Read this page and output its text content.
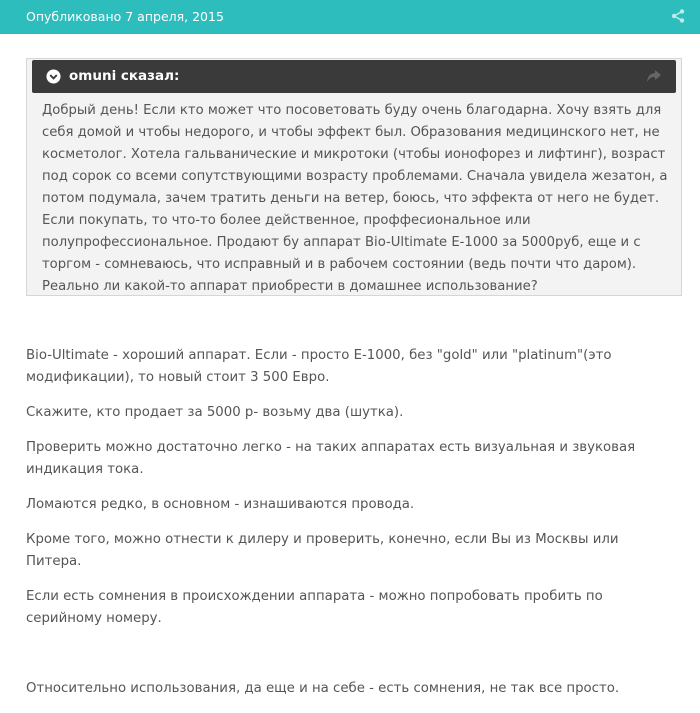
Опубликовано 7 апреля, 2015
omuni сказал:
Добрый день! Если кто может что посоветовать буду очень благодарна. Хочу взять для себя домой и чтобы недорого, и чтобы эффект был. Образования медицинского нет, не косметолог. Хотела гальванические и микротоки (чтобы ионофорез и лифтинг), возраст под сорок со всеми сопутствующими возрасту проблемами. Сначала увидела жезатон, а потом подумала, зачем тратить деньги на ветер, боюсь, что эффекта от него не будет. Если покупать, то что-то более действенное, проффесиональное или полупрофессиональное. Продают бу аппарат Bio-Ultimate E-1000 за 5000руб, еще и с торгом - сомневаюсь, что исправный и в рабочем состоянии (ведь почти что даром). Реально ли какой-то аппарат приобрести в домашнее использование?

Bio-Ultimate - хороший аппарат. Если - просто Е-1000, без "gold" или "platinum"(это модификации), то новый стоит 3 500 Евро.

Скажите, кто продает за 5000 р- возьму два (шутка).

Проверить можно достаточно легко - на таких аппаратах есть визуальная и звуковая индикация тока.

Ломаются редко, в основном - изнашиваются провода.

Кроме того, можно отнести к дилеру и проверить, конечно, если Вы из Москвы или Питера.

Если есть сомнения в происхождении аппарата - можно попробовать пробить по серийному номеру.

Относительно использования, да еще и на себе - есть сомнения, не так все просто.
